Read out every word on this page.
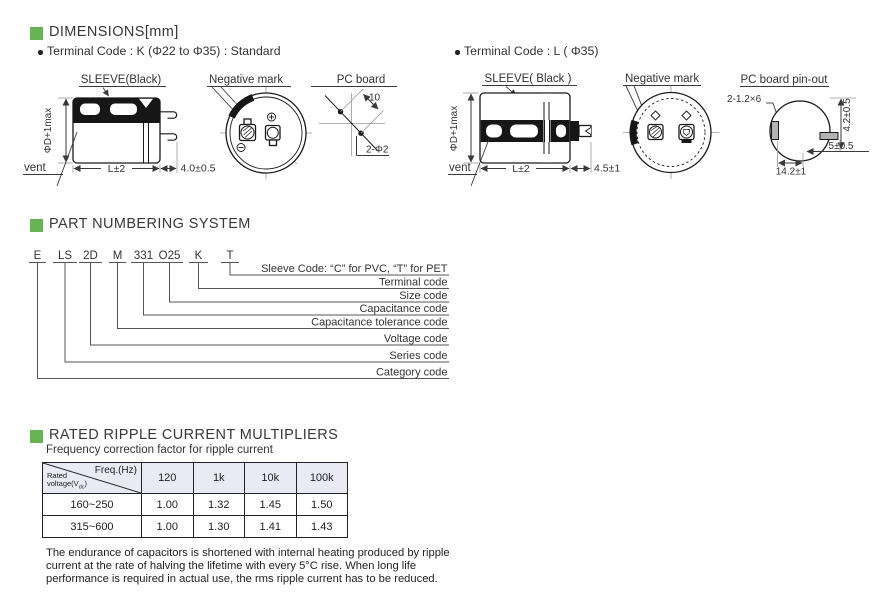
DIMENSIONS[mm]
Terminal Code : K (Φ22 to Φ35) : Standard	Terminal Code : L ( Φ35)
SLEEVE(Black)
ΦD+1max
vent	L±2	4.0±0.5
Negative mark	PC board
10
2-Φ2
SLEEVE( Black )
ΦD+1max
vent	L±2	4.5±1
Negative mark	PC board pin-out
2-1.2×6	4.2±0.5
5±0.5
14.2±1
PART NUMBERING SYSTEM
E LS 2D M 331 O25 K T
Sleeve Code: “C” for PVC, “T” for PET
Terminal code
Size code
Capacitance code
Capacitance tolerance code
Voltage code
Series code
Category code
RATED RIPPLE CURRENT MULTIPLIERS
Frequency correction factor for ripple current
Freq.(Hz)
Rated
$voltage(V_{dc})$	120	1k	10k	100k
160~250	1.00	1.32	1.45	1.50
315~600	1.00	1.30	1.41	1.43
The endurance of capacitors is shortened with internal heating produced by ripple
current at the rate of halving the lifetime with every 5°C rise. When long life
performance is required in actual use, the rms ripple current has to be reduced.
